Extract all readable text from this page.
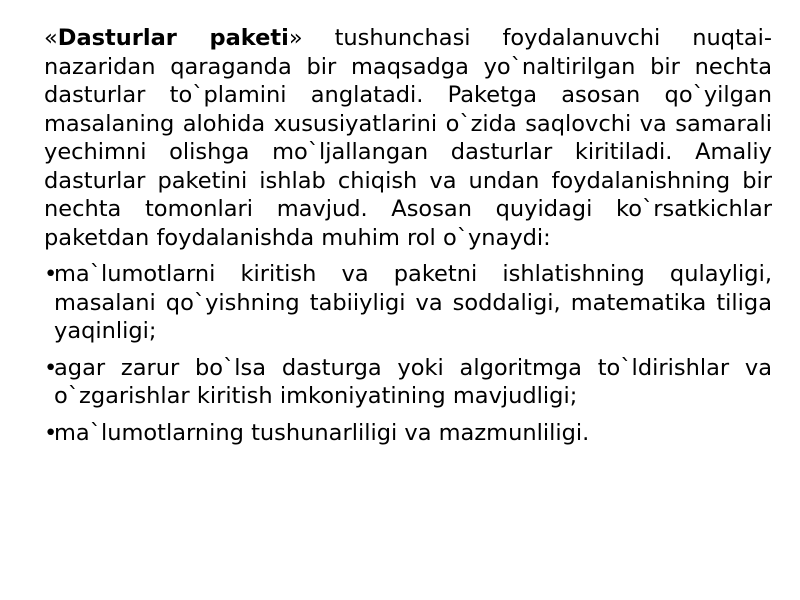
«Dasturlar paketi» tushunchasi foydalanuvchi nuqtai-nazaridan qaraganda bir maqsadga yo`naltirilgan bir nechta dasturlar to`plamini anglatadi. Paketga asosan qo`yilgan masalaning alohida xususiyatlarini o`zida saqlovchi va samarali yechimni olishga mo`ljallangan dasturlar kiritiladi. Amaliy dasturlar paketini ishlab chiqish va undan foydalanishning bir nechta tomonlari mavjud. Asosan quyidagi ko`rsatkichlar paketdan foydalanishda muhim rol o`ynaydi:

•

ma`lumotlarni kiritish va paketni ishlatishning qulayligi, masalani qo`yishning tabiiyligi va soddaligi, matematika tiliga yaqinligi;

•

agar zarur bo`lsa dasturga yoki algoritmga to`ldirishlar va o`zgarishlar kiritish imkoniyatining mavjudligi;

•

ma`lumotlarning tushunarliligi va mazmunliligi.
